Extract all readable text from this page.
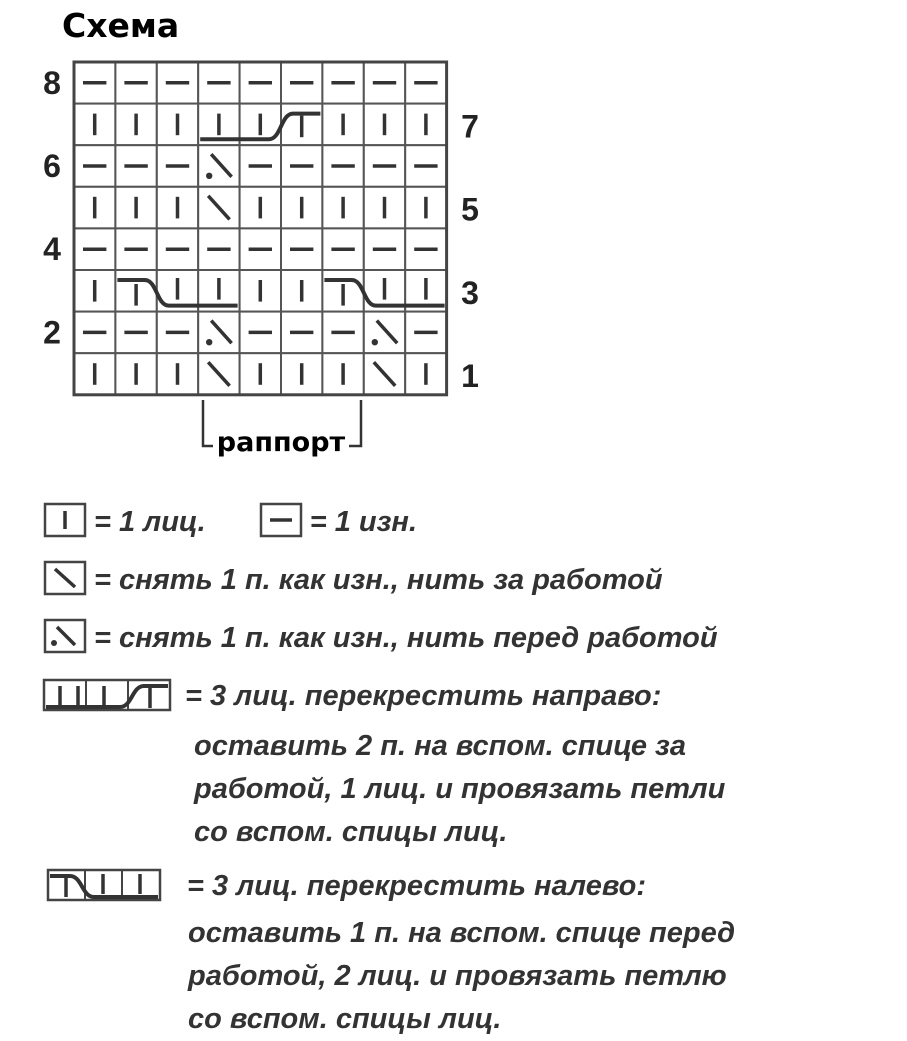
Схема
8
6
4
2
7
5
3
1
раппорт
= 1 лиц.	= 1 изн.
= снять 1 п. как изн., нить за работой
= снять 1 п. как изн., нить перед работой
= 3 лиц. перекрестить направо:
оставить 2 п. на вспом. спице за
работой, 1 лиц. и провязать петли
со вспом. спицы лиц.
= 3 лиц. перекрестить налево:
оставить 1 п. на вспом. спице перед
работой, 2 лиц. и провязать петлю
со вспом. спицы лиц.
